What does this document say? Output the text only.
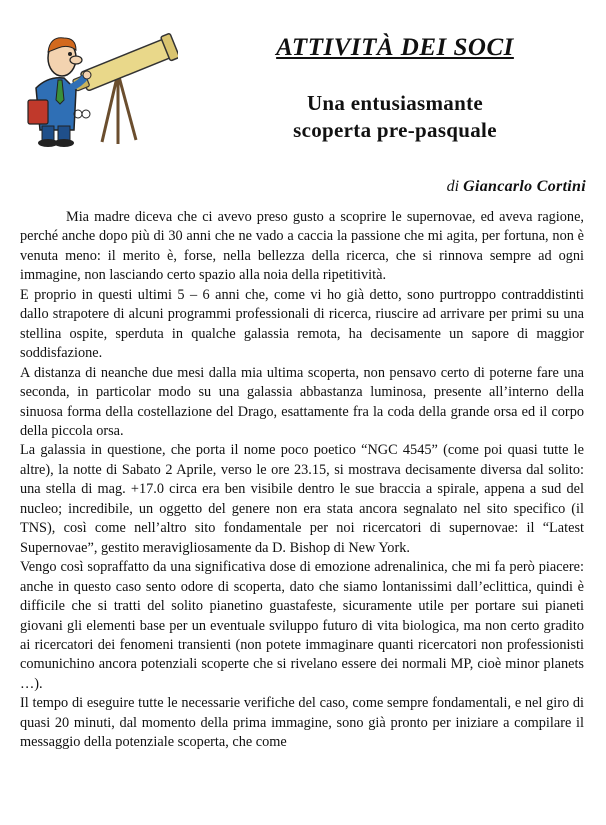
ATTIVITÀ DEI SOCI
Una entusiasmante
scoperta pre-pasquale
di Giancarlo Cortini

Mia madre diceva che ci avevo preso gusto a scoprire le supernovae, ed aveva ragione, perché anche dopo più di 30 anni che ne vado a caccia la passione che mi agita, per fortuna, non è venuta meno: il merito è, forse, nella bellezza della ricerca, che si rinnova sempre ad ogni immagine, non lasciando certo spazio alla noia della ripetitività.

E proprio in questi ultimi 5 – 6 anni che, come vi ho già detto, sono purtroppo contraddistinti dallo strapotere di alcuni programmi professionali di ricerca, riuscire ad arrivare per primi su una stellina ospite, sperduta in qualche galassia remota, ha decisamente un sapore di maggior soddisfazione.

A distanza di neanche due mesi dalla mia ultima scoperta, non pensavo certo di poterne fare una seconda, in particolar modo su una galassia abbastanza luminosa, presente all’interno della sinuosa forma della costellazione del Drago, esattamente fra la coda della grande orsa ed il corpo della piccola orsa.

La galassia in questione, che porta il nome poco poetico “NGC 4545” (come poi quasi tutte le altre), la notte di Sabato 2 Aprile, verso le ore 23.15, si mostrava decisamente diversa dal solito: una stella di mag. +17.0 circa era ben visibile dentro le sue braccia a spirale, appena a sud del nucleo; incredibile, un oggetto del genere non era stata ancora segnalato nel sito specifico (il TNS), così come nell’altro sito fondamentale per noi ricercatori di supernovae: il “Latest Supernovae”, gestito meravigliosamente da D. Bishop di New York.

Vengo così sopraffatto da una significativa dose di emozione adrenalinica, che mi fa però piacere: anche in questo caso sento odore di scoperta, dato che siamo lontanissimi dall’eclittica, quindi è difficile che si tratti del solito pianetino guastafeste, sicuramente utile per portare sui pianeti giovani gli elementi base per un eventuale sviluppo futuro di vita biologica, ma non certo gradito ai ricercatori dei fenomeni transienti (non potete immaginare quanti ricercatori non professionisti comunichino ancora potenziali scoperte che si rivelano essere dei normali MP, cioè minor planets …).

Il tempo di eseguire tutte le necessarie verifiche del caso, come sempre fondamentali, e nel giro di quasi 20 minuti, dal momento della prima immagine, sono già pronto per iniziare a compilare il messaggio della potenziale scoperta, che come
